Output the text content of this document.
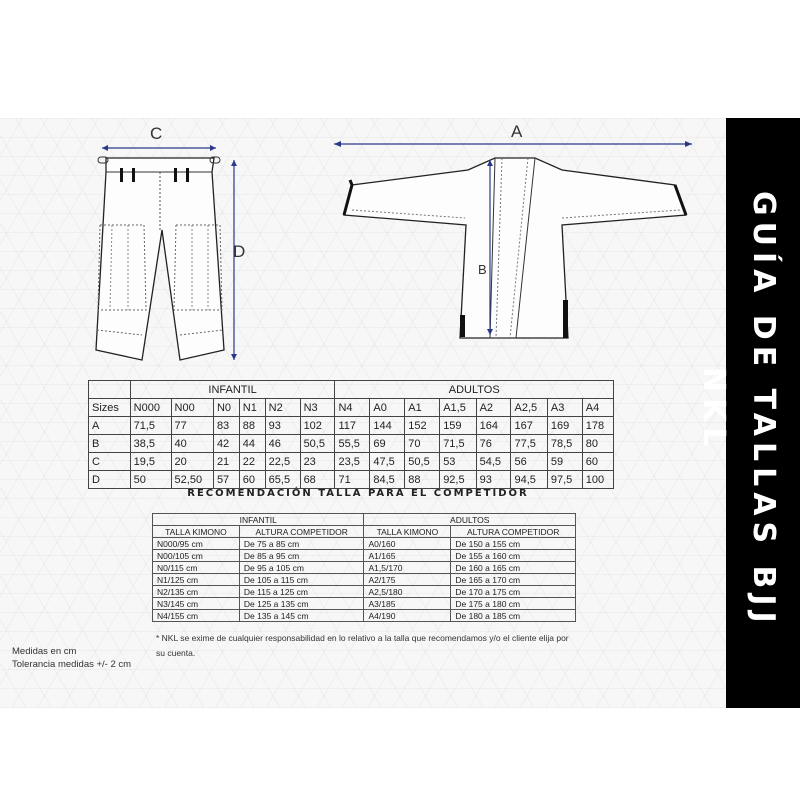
GUÍA DE TALLAS BJJ NKL
C
D
A
B
	INFANTIL						ADULTOS							
Sizes	N000	N00	N0	N1	N2	N3	N4	A0	A1	A1,5	A2	A2,5	A3	A4
A	71,5	77	83	88	93	102	117	144	152	159	164	167	169	178
B	38,5	40	42	44	46	50,5	55,5	69	70	71,5	76	77,5	78,5	80
C	19,5	20	21	22	22,5	23	23,5	47,5	50,5	53	54,5	56	59	60
D	50	52,50	57	60	65,5	68	71	84,5	88	92,5	93	94,5	97,5	100
RECOMENDACIÓN TALLA PARA EL COMPETIDOR
INFANTIL		ADULTOS	
TALLA KIMONO	ALTURA COMPETIDOR	TALLA KIMONO	ALTURA COMPETIDOR
N000/95 cm	De 75 a 85 cm	A0/160	De 150 a 155 cm
N00/105 cm	De 85 a 95 cm	A1/165	De 155 a 160 cm
N0/115 cm	De 95 a 105 cm	A1,5/170	De 160 a 165 cm
N1/125 cm	De 105 a 115 cm	A2/175	De 165 a 170 cm
N2/135 cm	De 115 a 125 cm	A2,5/180	De 170 a 175 cm
N3/145 cm	De 125 a 135 cm	A3/185	De 175 a 180 cm
N4/155 cm	De 135 a 145 cm	A4/190	De 180 a 185 cm
* NKL se exime de cualquier responsabilidad en lo relativo a la talla que recomendamos y/o el cliente elija por su cuenta.
Medidas en cm
Tolerancia medidas +/- 2 cm
